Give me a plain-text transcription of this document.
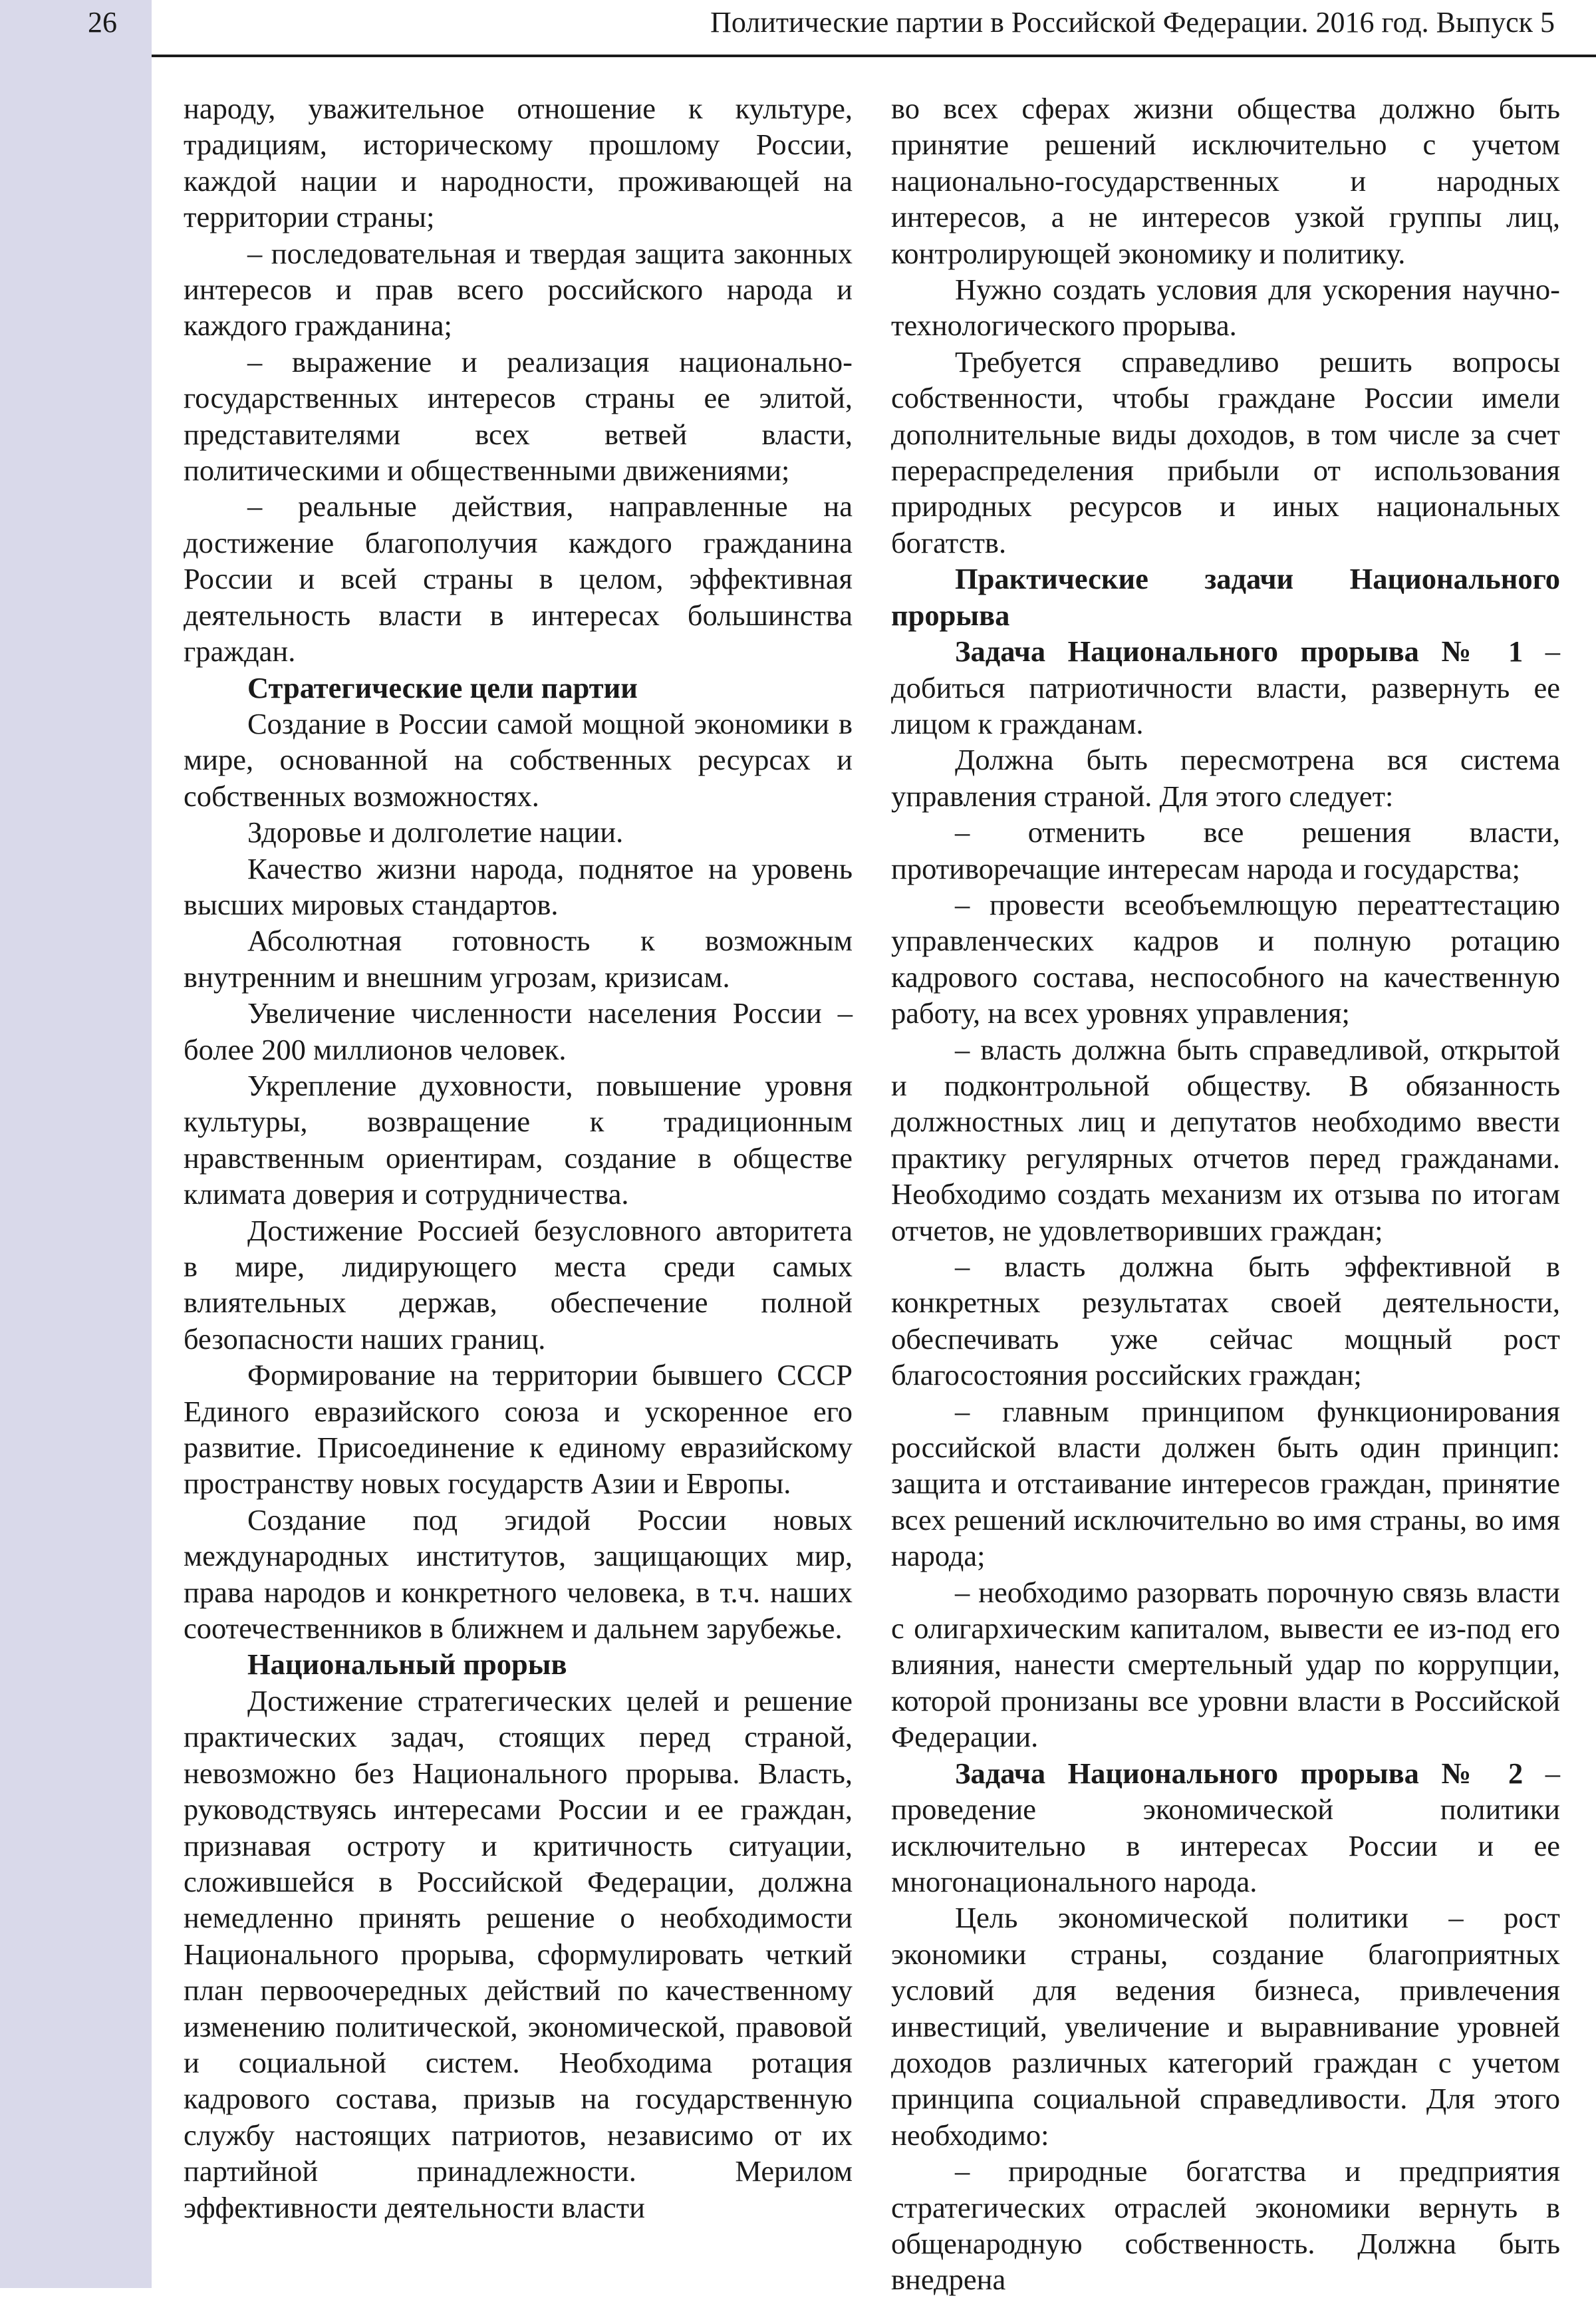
26	Политические партии в Российской Федерации. 2016 год. Выпуск 5

народу, уважительное отношение к культуре, традициям, историческому прошлому России, каждой нации и народности, проживающей на территории страны;

– последовательная и твердая защита законных интересов и прав всего российского народа и каждого гражданина;

– выражение и реализация национально-государственных интересов страны ее элитой, представителями всех ветвей власти, политическими и общественными движениями;

– реальные действия, направленные на достижение благополучия каждого гражданина России и всей страны в целом, эффективная деятельность власти в интересах большинства граждан.

Стратегические цели партии

Создание в России самой мощной экономики в мире, основанной на собственных ресурсах и собственных возможностях.

Здоровье и долголетие нации.

Качество жизни народа, поднятое на уровень высших мировых стандартов.

Абсолютная готовность к возможным внутренним и внешним угрозам, кризисам.

Увеличение численности населения России – более 200 миллионов человек.

Укрепление духовности, повышение уровня культуры, возвращение к традиционным нравственным ориентирам, создание в обществе климата доверия и сотрудничества.

Достижение Россией безусловного авторитета в мире, лидирующего места среди самых влиятельных держав, обеспечение полной безопасности наших границ.

Формирование на территории бывшего СССР Единого евразийского союза и ускоренное его развитие. Присоединение к единому евразийскому пространству новых государств Азии и Европы.

Создание под эгидой России новых международных институтов, защищающих мир, права народов и конкретного человека, в т.ч. наших соотечественников в ближнем и дальнем зарубежье.

Национальный прорыв

Достижение стратегических целей и решение практических задач, стоящих перед страной, невозможно без Национального прорыва. Власть, руководствуясь интересами России и ее граждан, признавая остроту и критичность ситуации, сложившейся в Российской Федерации, должна немедленно принять решение о необходимости Национального прорыва, сформулировать четкий план первоочередных действий по качественному изменению политической, экономической, правовой и социальной систем. Необходима ротация кадрового состава, призыв на государственную службу настоящих патриотов, независимо от их партийной принадлежности. Мерилом эффективности деятельности власти

во всех сферах жизни общества должно быть принятие решений исключительно с учетом национально-государственных и народных интересов, а не интересов узкой группы лиц, контролирующей экономику и политику.

Нужно создать условия для ускорения научно-технологического прорыва.

Требуется справедливо решить вопросы собственности, чтобы граждане России имели дополнительные виды доходов, в том числе за счет перераспределения прибыли от использования природных ресурсов и иных национальных богатств.

Практические задачи Национального прорыва

Задача Национального прорыва № 1 – добиться патриотичности власти, развернуть ее лицом к гражданам.

Должна быть пересмотрена вся система управления страной. Для этого следует:

– отменить все решения власти, противоречащие интересам народа и государства;

– провести всеобъемлющую переаттестацию управленческих кадров и полную ротацию кадрового состава, неспособного на качественную работу, на всех уровнях управления;

– власть должна быть справедливой, открытой и подконтрольной обществу. В обязанность должностных лиц и депутатов необходимо ввести практику регулярных отчетов перед гражданами. Необходимо создать механизм их отзыва по итогам отчетов, не удовлетворивших граждан;

– власть должна быть эффективной в конкретных результатах своей деятельности, обеспечивать уже сейчас мощный рост благосостояния российских граждан;

– главным принципом функционирования российской власти должен быть один принцип: защита и отстаивание интересов граждан, принятие всех решений исключительно во имя страны, во имя народа;

– необходимо разорвать порочную связь власти с олигархическим капиталом, вывести ее из-под его влияния, нанести смертельный удар по коррупции, которой пронизаны все уровни власти в Российской Федерации.

Задача Национального прорыва № 2 – проведение экономической политики исключительно в интересах России и ее многонационального народа.

Цель экономической политики – рост экономики страны, создание благоприятных условий для ведения бизнеса, привлечения инвестиций, увеличение и выравнивание уровней доходов различных категорий граждан с учетом принципа социальной справедливости. Для этого необходимо:

– природные богатства и предприятия стратегических отраслей экономики вернуть в общенародную собственность. Должна быть внедрена
